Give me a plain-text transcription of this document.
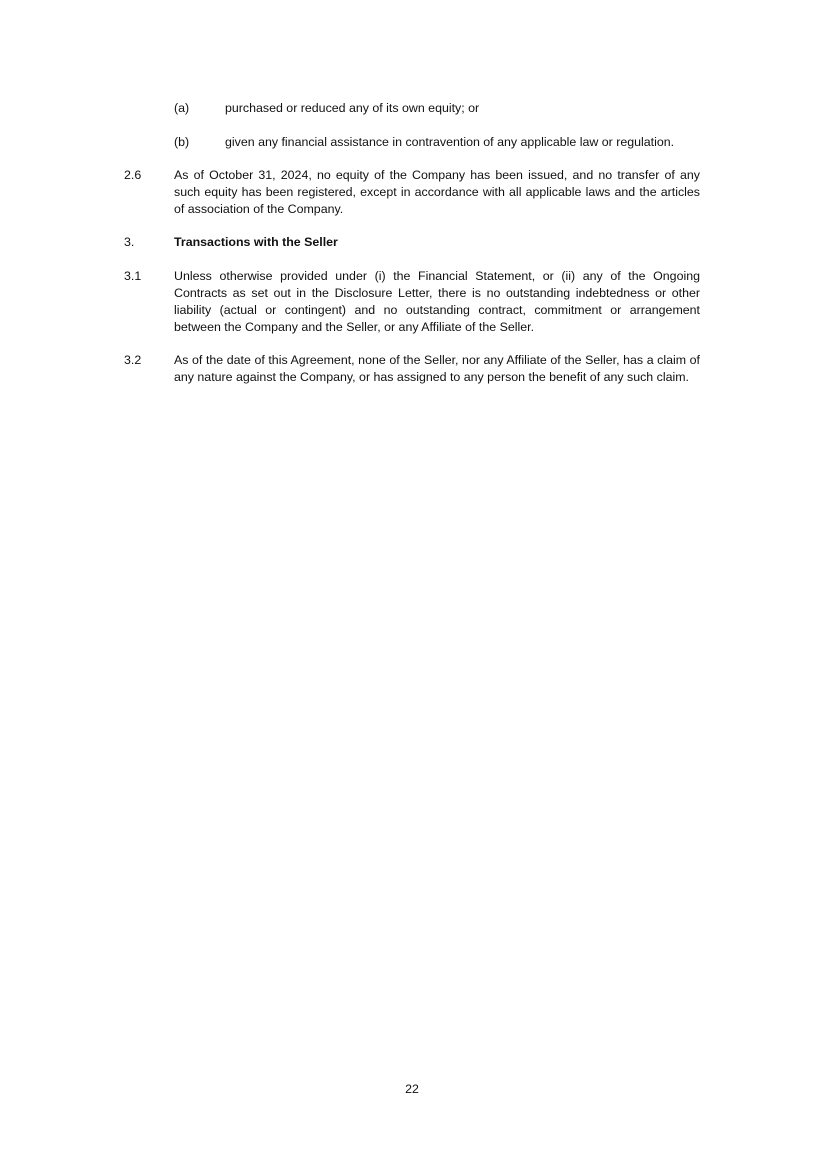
(a)	purchased or reduced any of its own equity; or
(b)	given any financial assistance in contravention of any applicable law or regulation.
2.6	As of October 31, 2024, no equity of the Company has been issued, and no transfer of any such equity has been registered, except in accordance with all applicable laws and the articles of association of the Company.
3.	Transactions with the Seller
3.1	Unless otherwise provided under (i) the Financial Statement, or (ii) any of the Ongoing Contracts as set out in the Disclosure Letter, there is no outstanding indebtedness or other liability (actual or contingent) and no outstanding contract, commitment or arrangement between the Company and the Seller, or any Affiliate of the Seller.
3.2	As of the date of this Agreement, none of the Seller, nor any Affiliate of the Seller, has a claim of any nature against the Company, or has assigned to any person the benefit of any such claim.
22
